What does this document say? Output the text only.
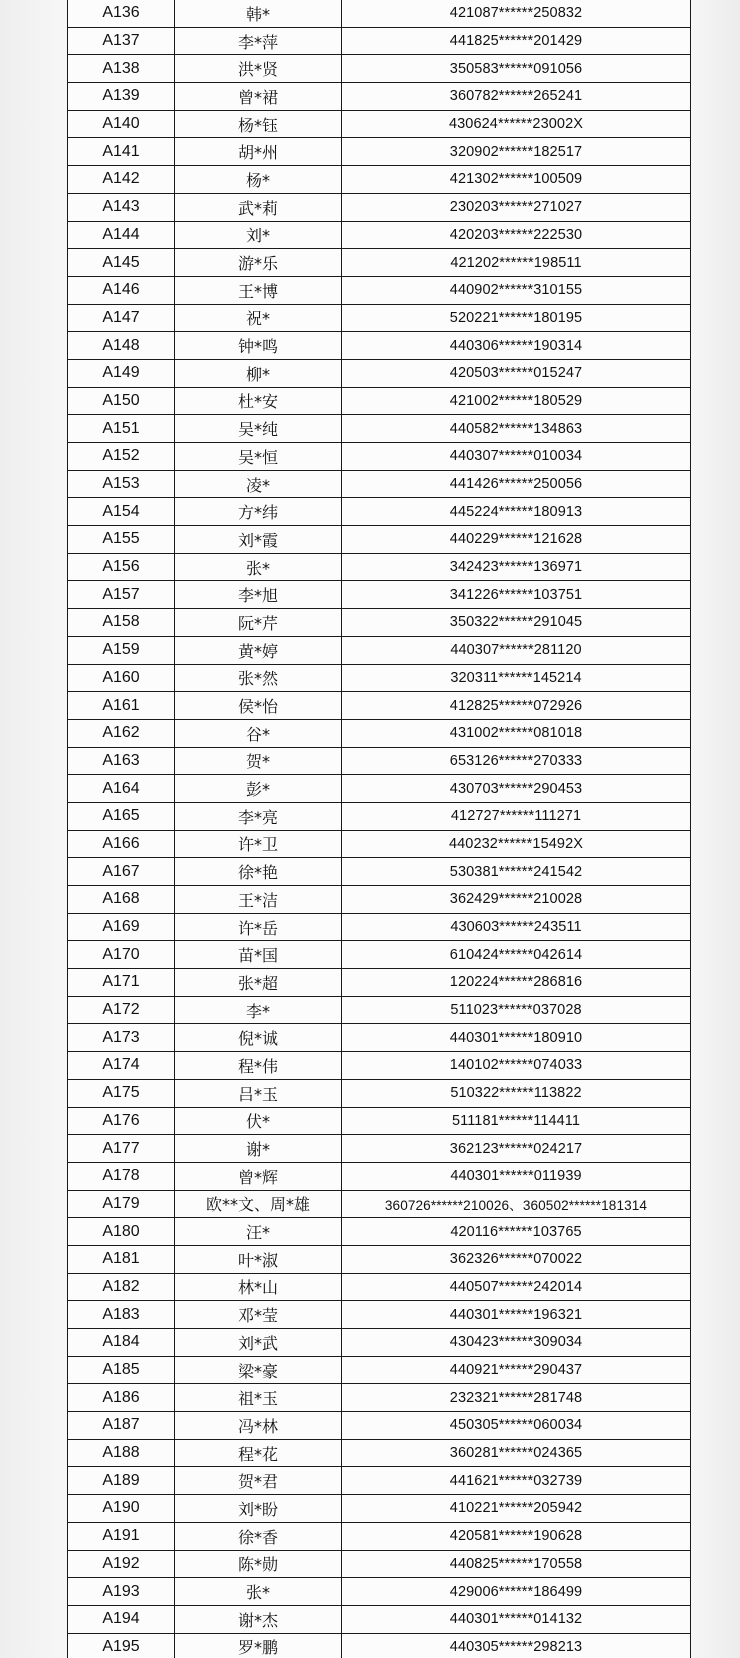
A136	韩*	421087******250832
A137	李*萍	441825******201429
A138	洪*贤	350583******091056
A139	曾*裙	360782******265241
A140	杨*钰	430624******23002X
A141	胡*州	320902******182517
A142	杨*	421302******100509
A143	武*莉	230203******271027
A144	刘*	420203******222530
A145	游*乐	421202******198511
A146	王*博	440902******310155
A147	祝*	520221******180195
A148	钟*鸣	440306******190314
A149	柳*	420503******015247
A150	杜*安	421002******180529
A151	吴*纯	440582******134863
A152	吴*恒	440307******010034
A153	凌*	441426******250056
A154	方*纬	445224******180913
A155	刘*霞	440229******121628
A156	张*	342423******136971
A157	李*旭	341226******103751
A158	阮*芹	350322******291045
A159	黄*婷	440307******281120
A160	张*然	320311******145214
A161	侯*怡	412825******072926
A162	谷*	431002******081018
A163	贺*	653126******270333
A164	彭*	430703******290453
A165	李*亮	412727******111271
A166	许*卫	440232******15492X
A167	徐*艳	530381******241542
A168	王*洁	362429******210028
A169	许*岳	430603******243511
A170	苗*国	610424******042614
A171	张*超	120224******286816
A172	李*	511023******037028
A173	倪*诚	440301******180910
A174	程*伟	140102******074033
A175	吕*玉	510322******113822
A176	伏*	511181******114411
A177	谢*	362123******024217
A178	曾*辉	440301******011939
A179	欧**文、周*雄	360726******210026、360502******181314
A180	汪*	420116******103765
A181	叶*淑	362326******070022
A182	林*山	440507******242014
A183	邓*莹	440301******196321
A184	刘*武	430423******309034
A185	梁*豪	440921******290437
A186	祖*玉	232321******281748
A187	冯*林	450305******060034
A188	程*花	360281******024365
A189	贺*君	441621******032739
A190	刘*盼	410221******205942
A191	徐*香	420581******190628
A192	陈*勋	440825******170558
A193	张*	429006******186499
A194	谢*杰	440301******014132
A195	罗*鹏	440305******298213
